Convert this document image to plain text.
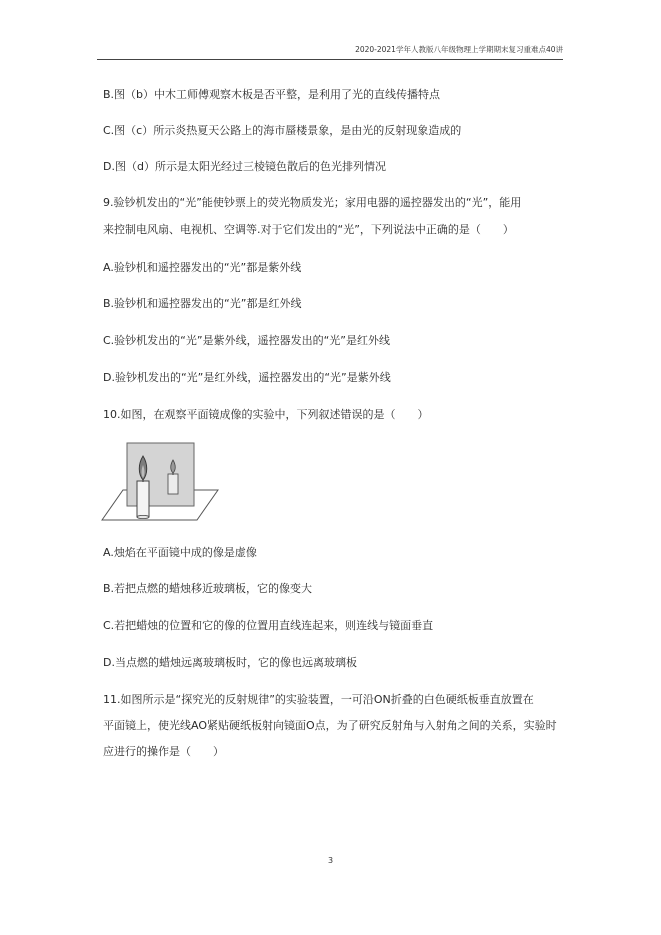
2020-2021学年人教版八年级物理上学期期末复习重难点40讲
B.图（b）中木工师傅观察木板是否平整，是利用了光的直线传播特点
C.图（c）所示炎热夏天公路上的海市蜃楼景象，是由光的反射现象造成的
D.图（d）所示是太阳光经过三棱镜色散后的色光排列情况
9.验钞机发出的“光”能使钞票上的荧光物质发光；家用电器的遥控器发出的“光”，能用
来控制电风扇、电视机、空调等.对于它们发出的“光”，下列说法中正确的是（　　）
A.验钞机和遥控器发出的“光”都是紫外线
B.验钞机和遥控器发出的“光”都是红外线
C.验钞机发出的“光”是紫外线，遥控器发出的“光”是红外线
D.验钞机发出的“光”是红外线，遥控器发出的“光”是紫外线
10.如图，在观察平面镜成像的实验中，下列叙述错误的是（　　）
A.烛焰在平面镜中成的像是虚像
B.若把点燃的蜡烛移近玻璃板，它的像变大
C.若把蜡烛的位置和它的像的位置用直线连起来，则连线与镜面垂直
D.当点燃的蜡烛远离玻璃板时，它的像也远离玻璃板
11.如图所示是“探究光的反射规律”的实验装置，一可沿ON折叠的白色硬纸板垂直放置在
平面镜上，使光线AO紧贴硬纸板射向镜面O点，为了研究反射角与入射角之间的关系，实验时
应进行的操作是（　　）
3
